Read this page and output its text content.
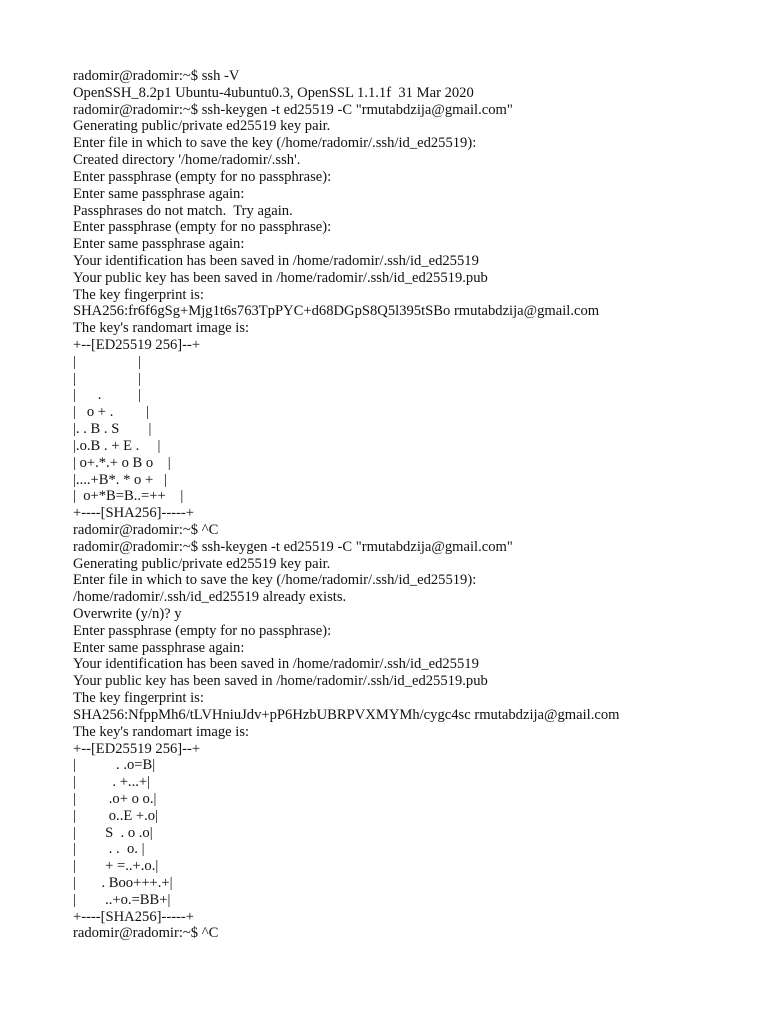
radomir@radomir:~$ ssh -V
OpenSSH_8.2p1 Ubuntu-4ubuntu0.3, OpenSSL 1.1.1f  31 Mar 2020
radomir@radomir:~$ ssh-keygen -t ed25519 -C "rmutabdzija@gmail.com"
Generating public/private ed25519 key pair.
Enter file in which to save the key (/home/radomir/.ssh/id_ed25519):
Created directory '/home/radomir/.ssh'.
Enter passphrase (empty for no passphrase):
Enter same passphrase again:
Passphrases do not match.  Try again.
Enter passphrase (empty for no passphrase):
Enter same passphrase again:
Your identification has been saved in /home/radomir/.ssh/id_ed25519
Your public key has been saved in /home/radomir/.ssh/id_ed25519.pub
The key fingerprint is:
SHA256:fr6f6gSg+Mjg1t6s763TpPYC+d68DGpS8Q5l395tSBo rmutabdzija@gmail.com
The key's randomart image is:
+--[ED25519 256]--+
|                 |
|                 |
|      .          |
|   o + .         |
|. . B . S        |
|.o.B . + E .     |
| o+.*.+ o B o    |
|....+B*. * o +   |
|  o+*B=B..=++    |
+----[SHA256]-----+
radomir@radomir:~$ ^C
radomir@radomir:~$ ssh-keygen -t ed25519 -C "rmutabdzija@gmail.com"
Generating public/private ed25519 key pair.
Enter file in which to save the key (/home/radomir/.ssh/id_ed25519):
/home/radomir/.ssh/id_ed25519 already exists.
Overwrite (y/n)? y
Enter passphrase (empty for no passphrase):
Enter same passphrase again:
Your identification has been saved in /home/radomir/.ssh/id_ed25519
Your public key has been saved in /home/radomir/.ssh/id_ed25519.pub
The key fingerprint is:
SHA256:NfppMh6/tLVHniuJdv+pP6HzbUBRPVXMYMh/cygc4sc rmutabdzija@gmail.com
The key's randomart image is:
+--[ED25519 256]--+
|           . .o=B|
|          . +...+|
|         .o+ o o.|
|         o..E +.o|
|        S  . o .o|
|         . .  o. |
|        + =..+.o.|
|       . Boo+++.+|
|        ..+o.=BB+|
+----[SHA256]-----+
radomir@radomir:~$ ^C
